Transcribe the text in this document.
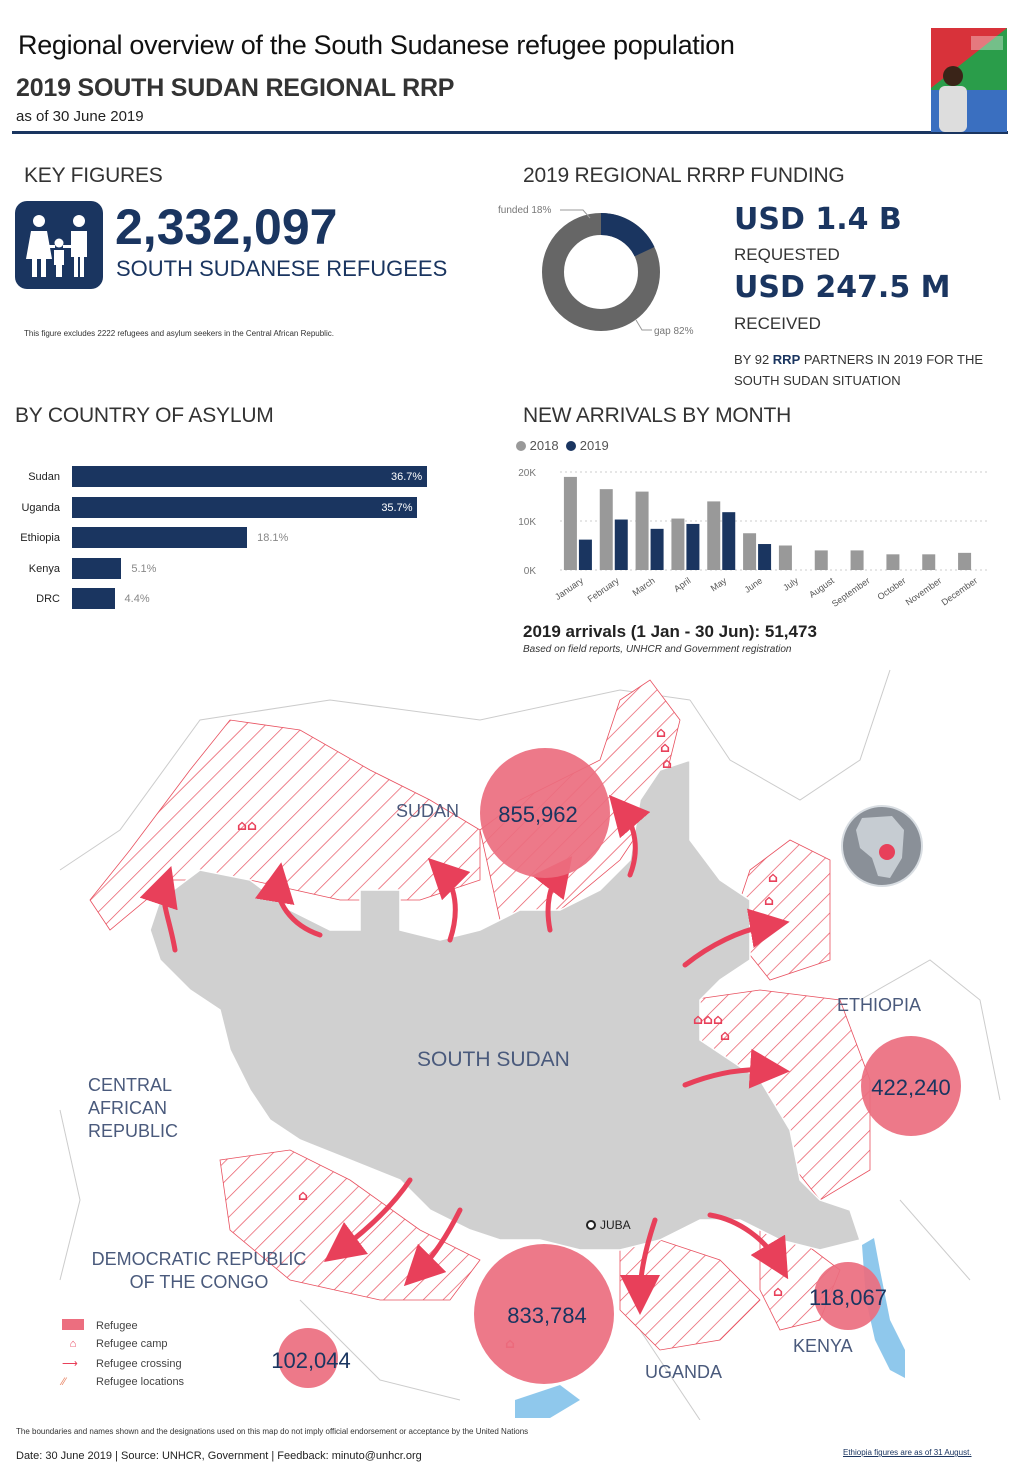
Regional overview of the South Sudanese refugee population
2019 SOUTH SUDAN REGIONAL RRP
as of 30 June 2019
KEY FIGURES
2,332,097
SOUTH SUDANESE REFUGEES
This figure excludes 2222 refugees and asylum seekers in the Central African Republic.
2019 REGIONAL RRRP FUNDING
funded 18%
gap 82%
USD 1.4 B
REQUESTED
USD 247.5 M
RECEIVED
BY 92 RRP PARTNERS IN 2019 FOR THE SOUTH SUDAN SITUATION
BY COUNTRY OF ASYLUM
Sudan	36.7%
Uganda	35.7%
Ethiopia	18.1%
Kenya	5.1%
DRC	4.4%
NEW ARRIVALS BY MONTH
2018 2019
0K
10K
20K
January February March April May June July August
September October
November
December
2019 arrivals (1 Jan - 30 Jun): 51,473
Based on field reports, UNHCR and Government registration
⌂⌂
⌂
⌂
⌂
⌂
⌂
⌂⌂⌂
⌂
⌂
⌂
855,962
422,240
833,784
118,067
102,044
SUDAN
SOUTH SUDAN
ETHIOPIA
KENYA
UGANDA
JUBA
CENTRAL AFRICAN REPUBLIC
DEMOCRATIC REPUBLIC OF THE CONGO
Refugee
⌂ Refugee camp
⟶ Refugee crossing
⁄⁄	Refugee locations
The boundaries and names shown and the designations used on this map do not imply official endorsement or acceptance by the United Nations
Date: 30 June 2019 | Source: UNHCR, Government | Feedback: minuto@unhcr.org	Ethiopia figures are as of 31 August.
